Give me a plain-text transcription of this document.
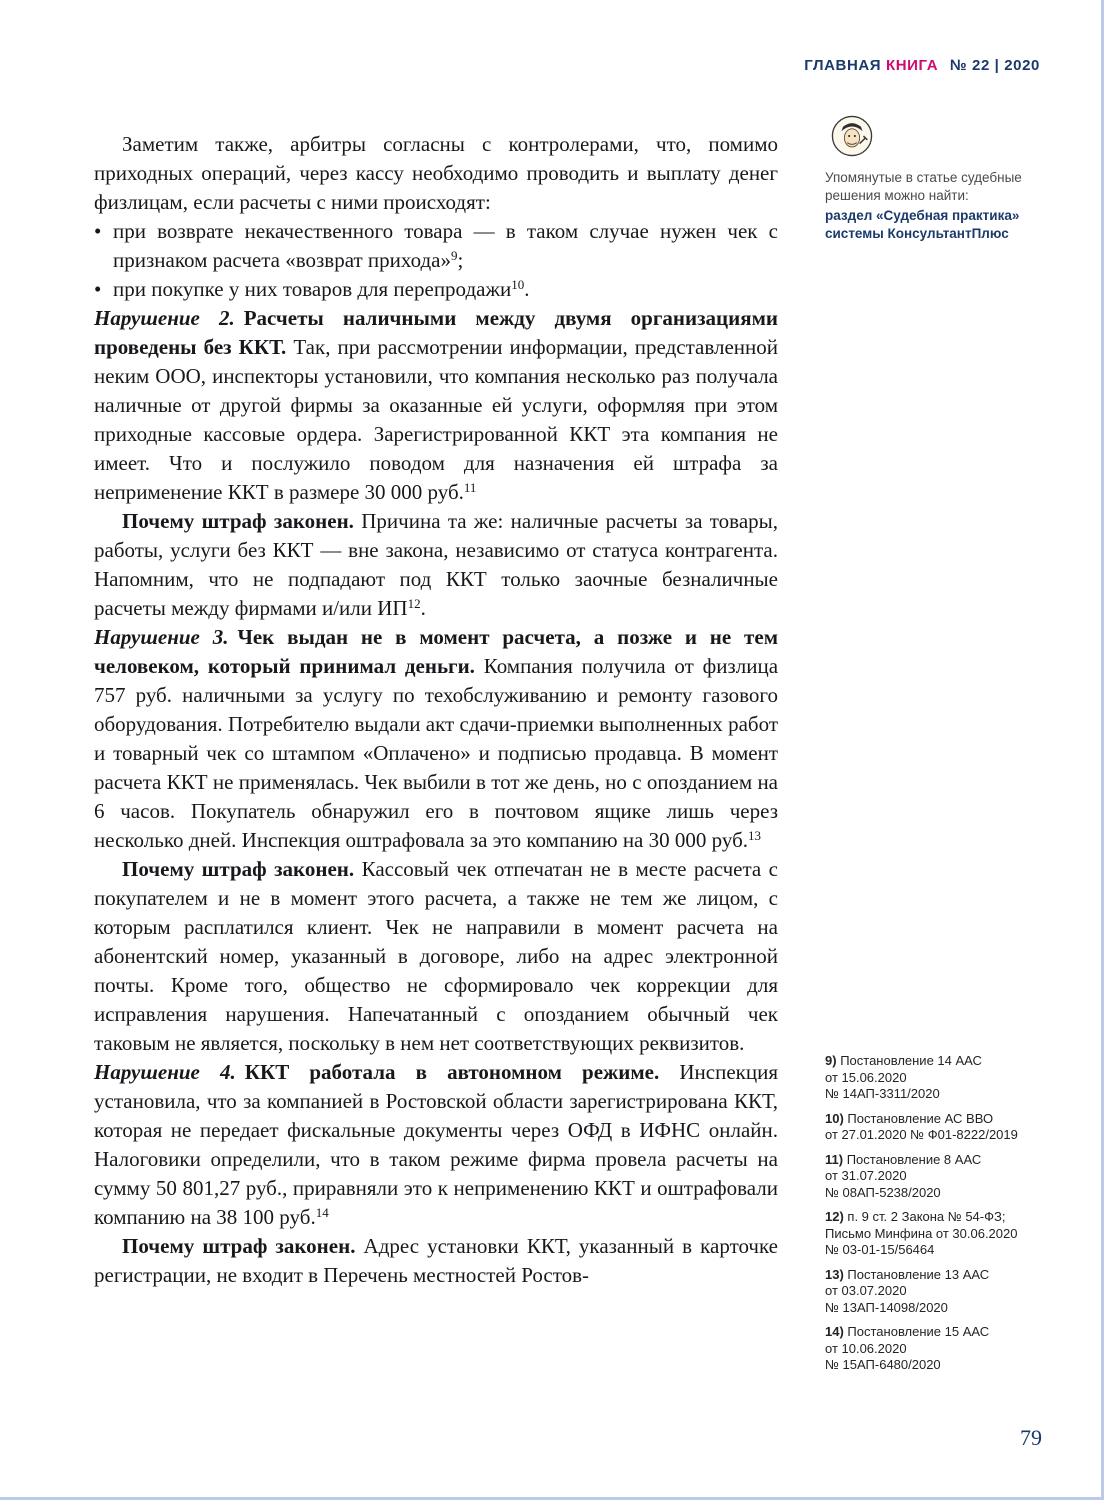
ГЛАВНАЯ КНИГА № 22 | 2020

Заметим также, арбитры согласны с контролерами, что, помимо приходных операций, через кассу необходимо проводить и выплату денег физлицам, если расчеты с ними происходят:

• при возврате некачественного товара — в таком случае нужен чек с признаком расчета «возврат прихода»$^9$;
• при покупке у них товаров для перепродажи$^{10}$.

Нарушение 2. Расчеты наличными между двумя организациями проведены без ККТ. Так, при рассмотрении информации, представленной неким ООО, инспекторы установили, что компания несколько раз получала наличные от другой фирмы за оказанные ей услуги, оформляя при этом приходные кассовые ордера. Зарегистрированной ККТ эта компания не имеет. Что и послужило поводом для назначения ей штрафа за неприменение ККТ в размере 30 000 руб.$^{11}$

Почему штраф законен. Причина та же: наличные расчеты за товары, работы, услуги без ККТ — вне закона, независимо от статуса контрагента. Напомним, что не подпадают под ККТ только заочные безналичные расчеты между фирмами и/или ИП$^{12}$.

Нарушение 3. Чек выдан не в момент расчета, а позже и не тем человеком, который принимал деньги. Компания получила от физлица 757 руб. наличными за услугу по техобслуживанию и ремонту газового оборудования. Потребителю выдали акт сдачи-приемки выполненных работ и товарный чек со штампом «Оплачено» и подписью продавца. В момент расчета ККТ не применялась. Чек выбили в тот же день, но с опозданием на 6 часов. Покупатель обнаружил его в почтовом ящике лишь через несколько дней. Инспекция оштрафовала за это компанию на 30 000 руб.$^{13}$

Почему штраф законен. Кассовый чек отпечатан не в месте расчета с покупателем и не в момент этого расчета, а также не тем же лицом, с которым расплатился клиент. Чек не направили в момент расчета на абонентский номер, указанный в договоре, либо на адрес электронной почты. Кроме того, общество не сформировало чек коррекции для исправления нарушения. Напечатанный с опозданием обычный чек таковым не является, поскольку в нем нет соответствующих реквизитов.

Нарушение 4. ККТ работала в автономном режиме. Инспекция установила, что за компанией в Ростовской области зарегистрирована ККТ, которая не передает фискальные документы через ОФД в ИФНС онлайн. Налоговики определили, что в таком режиме фирма провела расчеты на сумму 50 801,27 руб., приравняли это к неприменению ККТ и оштрафовали компанию на 38 100 руб.$^{14}$

Почему штраф законен. Адрес установки ККТ, указанный в карточке регистрации, не входит в Перечень местностей Ростов-

Упомянутые в статье судебные решения можно найти:

раздел «Судебная практика»
системы КонсультантПлюс
9) Постановление 14 ААС
от 15.06.2020
№ 14АП-3311/2020
10) Постановление АС ВВО
от 27.01.2020 № Ф01-8222/2019
11) Постановление 8 ААС
от 31.07.2020
№ 08АП-5238/2020
12) п. 9 ст. 2 Закона № 54-ФЗ;
Письмо Минфина от 30.06.2020
№ 03-01-15/56464
13) Постановление 13 ААС
от 03.07.2020
№ 13АП-14098/2020
14) Постановление 15 ААС
от 10.06.2020
№ 15АП-6480/2020
79
